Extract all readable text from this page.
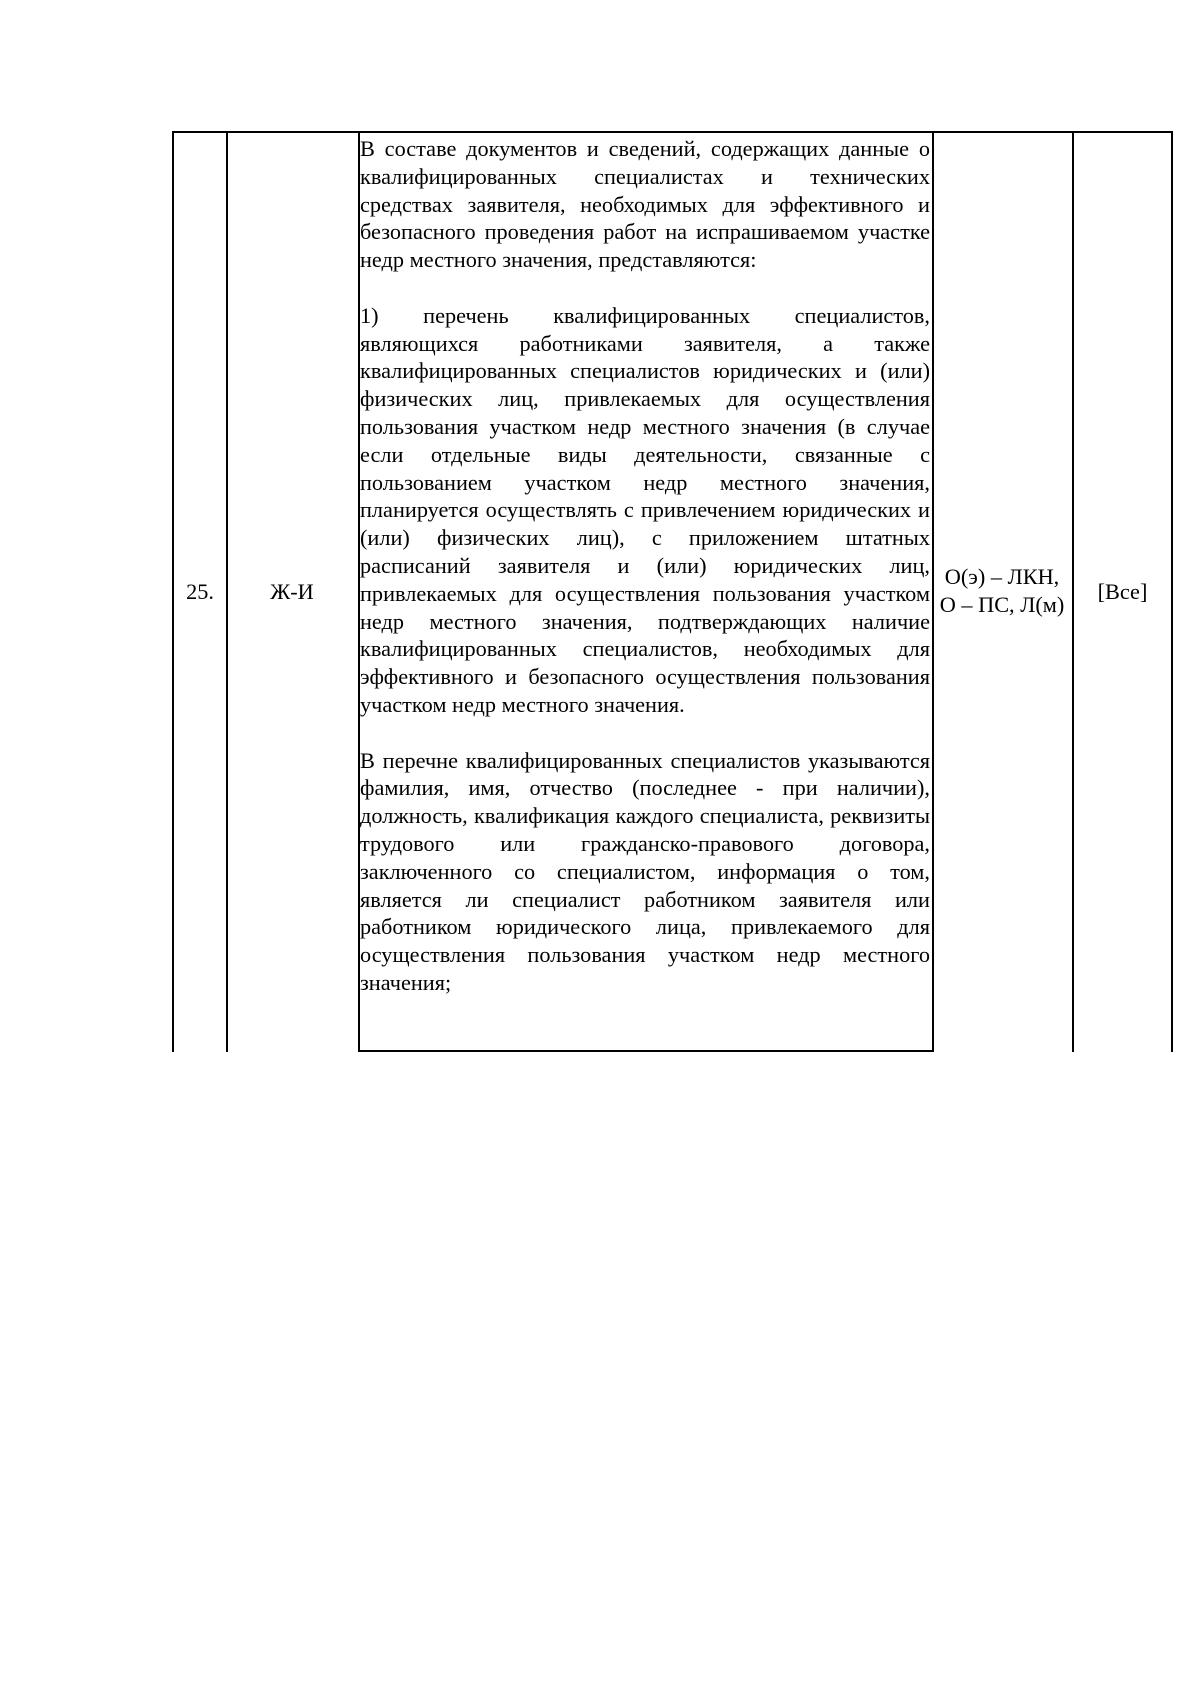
25.	Ж-И

В составе документов и сведений, содержащих данные о квалифицированных специалистах и технических средствах заявителя, необходимых для эффективного и безопасного проведения работ на испрашиваемом участке недр местного значения, представляются:

1) перечень квалифицированных специалистов, являющихся работниками заявителя, а также квалифицированных специалистов юридических и (или) физических лиц, привлекаемых для осуществления пользования участком недр местного значения (в случае если отдельные виды деятельности, связанные с пользованием участком недр местного значения, планируется осуществлять с привлечением юридических и (или) физических лиц), с приложением штатных расписаний заявителя и (или) юридических лиц, привлекаемых для осуществления пользования участком недр местного значения, подтверждающих наличие квалифицированных специалистов, необходимых для эффективного и безопасного осуществления пользования участком недр местного значения.

В перечне квалифицированных специалистов указываются фамилия, имя, отчество (последнее - при наличии), должность, квалификация каждого специалиста, реквизиты трудового или гражданско-правового договора, заключенного со специалистом, информация о том, является ли специалист работником заявителя или работником юридического лица, привлекаемого для осуществления пользования участком недр местного значения;

О(э) – ЛКН,
О – ПС, Л(м)
[Все]
